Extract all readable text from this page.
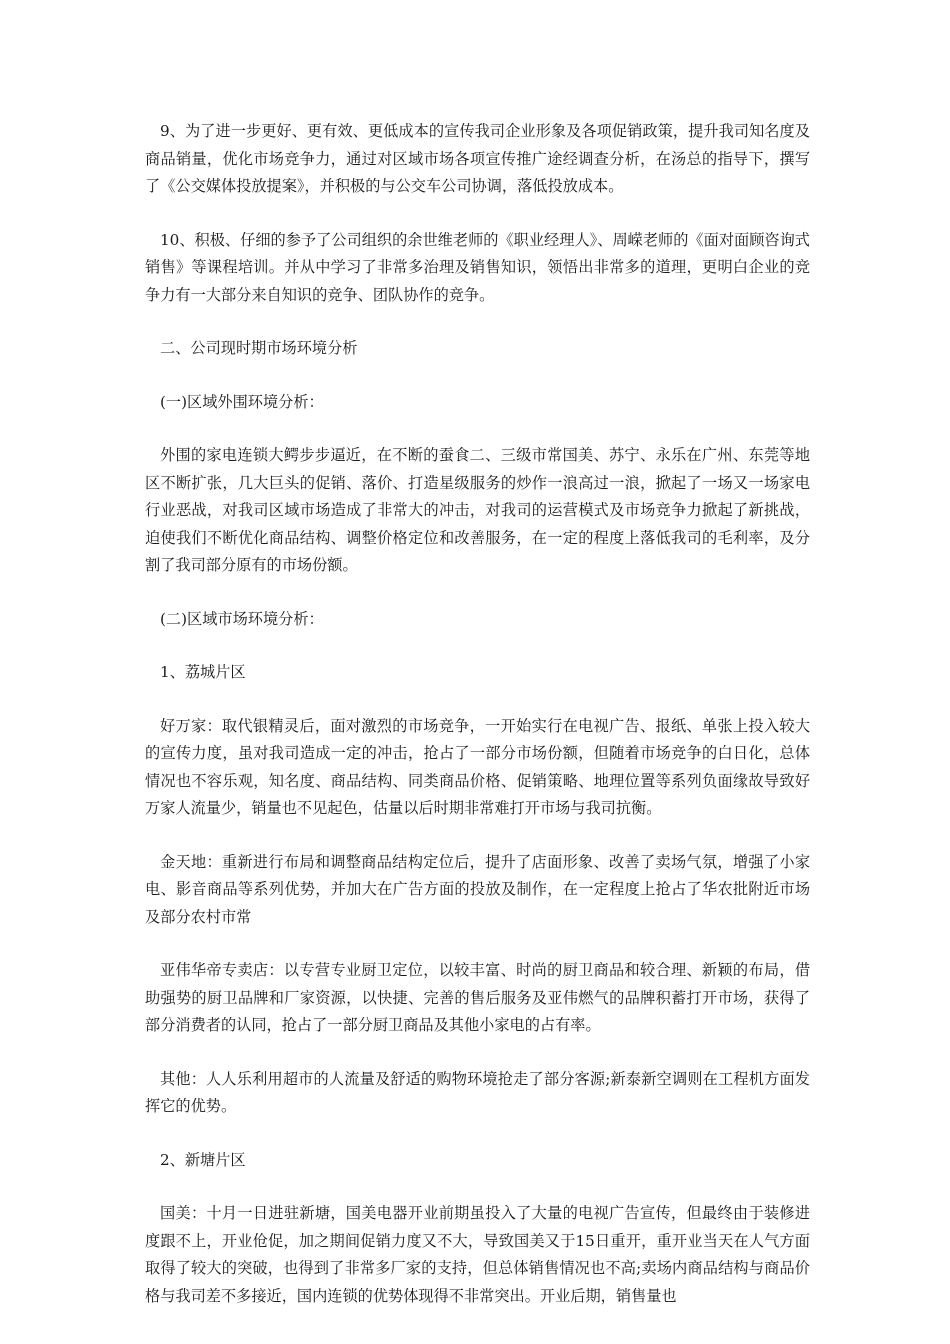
9、为了进一步更好、更有效、更低成本的宣传我司企业形象及各项促销政策，提升我司知名度及商品销量，优化市场竞争力，通过对区域市场各项宣传推广途经调查分析，在汤总的指导下，撰写了《公交媒体投放提案》，并积极的与公交车公司协调，落低投放成本。

10、积极、仔细的参予了公司组织的余世维老师的《职业经理人》、周嵘老师的《面对面顾咨询式销售》等课程培训。并从中学习了非常多治理及销售知识，领悟出非常多的道理，更明白企业的竞争力有一大部分来自知识的竞争、团队协作的竞争。

二、公司现时期市场环境分析

(一)区域外围环境分析：

外围的家电连锁大鳄步步逼近，在不断的蚕食二、三级市常国美、苏宁、永乐在广州、东莞等地区不断扩张，几大巨头的促销、落价、打造星级服务的炒作一浪高过一浪，掀起了一场又一场家电行业恶战，对我司区域市场造成了非常大的冲击，对我司的运营模式及市场竞争力掀起了新挑战，迫使我们不断优化商品结构、调整价格定位和改善服务，在一定的程度上落低我司的毛利率，及分割了我司部分原有的市场份额。

(二)区域市场环境分析：

1、荔城片区

好万家：取代银精灵后，面对激烈的市场竞争，一开始实行在电视广告、报纸、单张上投入较大的宣传力度，虽对我司造成一定的冲击，抢占了一部分市场份额，但随着市场竞争的白日化，总体情况也不容乐观，知名度、商品结构、同类商品价格、促销策略、地理位置等系列负面缘故导致好万家人流量少，销量也不见起色，估量以后时期非常难打开市场与我司抗衡。

金天地：重新进行布局和调整商品结构定位后，提升了店面形象、改善了卖场气氛，增强了小家电、影音商品等系列优势，并加大在广告方面的投放及制作，在一定程度上抢占了华农批附近市场及部分农村市常

亚伟华帝专卖店：以专营专业厨卫定位，以较丰富、时尚的厨卫商品和较合理、新颖的布局，借助强势的厨卫品牌和厂家资源，以快捷、完善的售后服务及亚伟燃气的品牌积蓄打开市场，获得了部分消费者的认同，抢占了一部分厨卫商品及其他小家电的占有率。

其他：人人乐利用超市的人流量及舒适的购物环境抢走了部分客源;新泰新空调则在工程机方面发挥它的优势。

2、新塘片区

国美：十月一日进驻新塘，国美电器开业前期虽投入了大量的电视广告宣传，但最终由于装修进度跟不上，开业伧促，加之期间促销力度又不大，导致国美又于15日重开，重开业当天在人气方面取得了较大的突破，也得到了非常多厂家的支持，但总体销售情况也不高;卖场内商品结构与商品价格与我司差不多接近，国内连锁的优势体现得不非常突出。开业后期，销售量也
